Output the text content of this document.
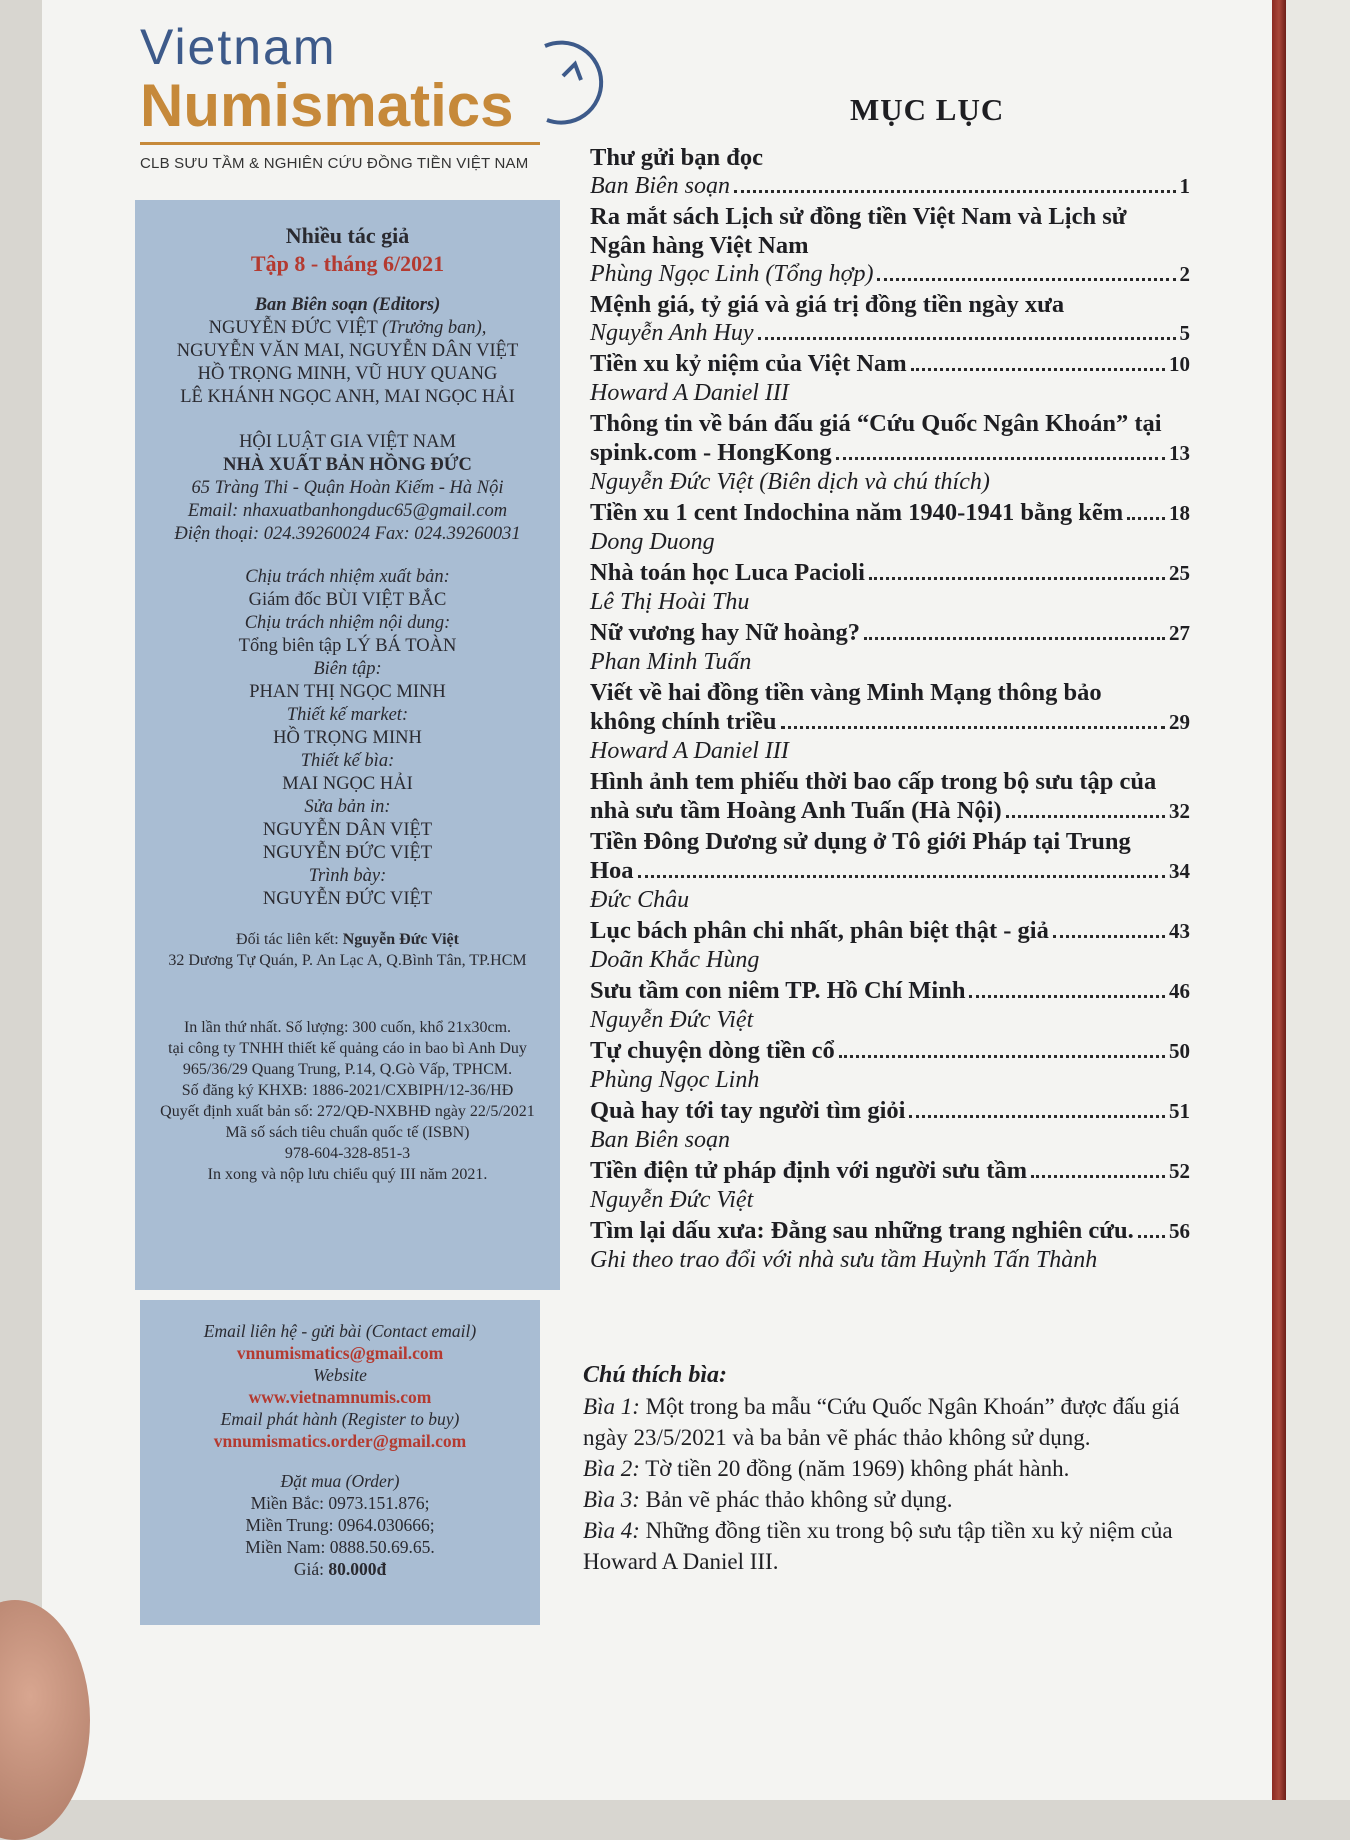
Vietnam
Numismatics
CLB SƯU TẦM & NGHIÊN CỨU ĐỒNG TIỀN VIỆT NAM
Nhiều tác giả
Tập 8 - tháng 6/2021
Ban Biên soạn (Editors)
NGUYỄN ĐỨC VIỆT (Trưởng ban),
NGUYỄN VĂN MAI, NGUYỄN DÂN VIỆT
HỒ TRỌNG MINH, VŨ HUY QUANG
LÊ KHÁNH NGỌC ANH, MAI NGỌC HẢI
HỘI LUẬT GIA VIỆT NAM
NHÀ XUẤT BẢN HỒNG ĐỨC
65 Tràng Thi - Quận Hoàn Kiếm - Hà Nội
Email: nhaxuatbanhongduc65@gmail.com
Điện thoại: 024.39260024 Fax: 024.39260031
Chịu trách nhiệm xuất bản:
Giám đốc BÙI VIỆT BẮC
Chịu trách nhiệm nội dung:
Tổng biên tập LÝ BÁ TOÀN
Biên tập:
PHAN THỊ NGỌC MINH
Thiết kế market:
HỒ TRỌNG MINH
Thiết kế bìa:
MAI NGỌC HẢI
Sửa bản in:
NGUYỄN DÂN VIỆT
NGUYỄN ĐỨC VIỆT
Trình bày:
NGUYỄN ĐỨC VIỆT
Đối tác liên kết: Nguyễn Đức Việt
32 Dương Tự Quán, P. An Lạc A, Q.Bình Tân, TP.HCM
In lần thứ nhất. Số lượng: 300 cuốn, khổ 21x30cm.
tại công ty TNHH thiết kế quảng cáo in bao bì Anh Duy
965/36/29 Quang Trung, P.14, Q.Gò Vấp, TPHCM.
Số đăng ký KHXB: 1886-2021/CXBIPH/12-36/HĐ
Quyết định xuất bản số: 272/QĐ-NXBHĐ ngày 22/5/2021
Mã số sách tiêu chuẩn quốc tế (ISBN)
978-604-328-851-3
In xong và nộp lưu chiểu quý III năm 2021.
Email liên hệ - gửi bài (Contact email)
vnnumismatics@gmail.com
Website
www.vietnamnumis.com
Email phát hành (Register to buy)
vnnumismatics.order@gmail.com
Đặt mua (Order)
Miền Bắc: 0973.151.876;
Miền Trung: 0964.030666;
Miền Nam: 0888.50.69.65.
Giá: 80.000đ
MỤC LỤC
Thư gửi bạn đọc
Ban Biên soạn	1
Ra mắt sách Lịch sử đồng tiền Việt Nam và Lịch sử
Ngân hàng Việt Nam
Phùng Ngọc Linh (Tổng hợp)	2
Mệnh giá, tỷ giá và giá trị đồng tiền ngày xưa
Nguyễn Anh Huy	5
Tiền xu kỷ niệm của Việt Nam	10
Howard A Daniel III
Thông tin về bán đấu giá “Cứu Quốc Ngân Khoán” tại
spink.com - HongKong	13
Nguyễn Đức Việt (Biên dịch và chú thích)
Tiền xu 1 cent Indochina năm 1940-1941 bằng kẽm 18
Dong Duong
Nhà toán học Luca Pacioli	25
Lê Thị Hoài Thu
Nữ vương hay Nữ hoàng?	27
Phan Minh Tuấn
Viết về hai đồng tiền vàng Minh Mạng thông bảo
không chính triều	29
Howard A Daniel III
Hình ảnh tem phiếu thời bao cấp trong bộ sưu tập của
nhà sưu tầm Hoàng Anh Tuấn (Hà Nội)	32
Tiền Đông Dương sử dụng ở Tô giới Pháp tại Trung
Hoa	34
Đức Châu
Lục bách phân chi nhất, phân biệt thật - giả	43
Doãn Khắc Hùng
Sưu tầm con niêm TP. Hồ Chí Minh	46
Nguyễn Đức Việt
Tự chuyện dòng tiền cổ	50
Phùng Ngọc Linh
Quà hay tới tay người tìm giỏi	51
Ban Biên soạn
Tiền điện tử pháp định với người sưu tầm	52
Nguyễn Đức Việt
Tìm lại dấu xưa: Đằng sau những trang nghiên cứu. 56
Ghi theo trao đổi với nhà sưu tầm Huỳnh Tấn Thành
Chú thích bìa:
Bìa 1: Một trong ba mẫu “Cứu Quốc Ngân Khoán” được đấu giá ngày 23/5/2021 và ba bản vẽ phác thảo không sử dụng.
Bìa 2: Tờ tiền 20 đồng (năm 1969) không phát hành.
Bìa 3: Bản vẽ phác thảo không sử dụng.
Bìa 4: Những đồng tiền xu trong bộ sưu tập tiền xu kỷ niệm của Howard A Daniel III.
